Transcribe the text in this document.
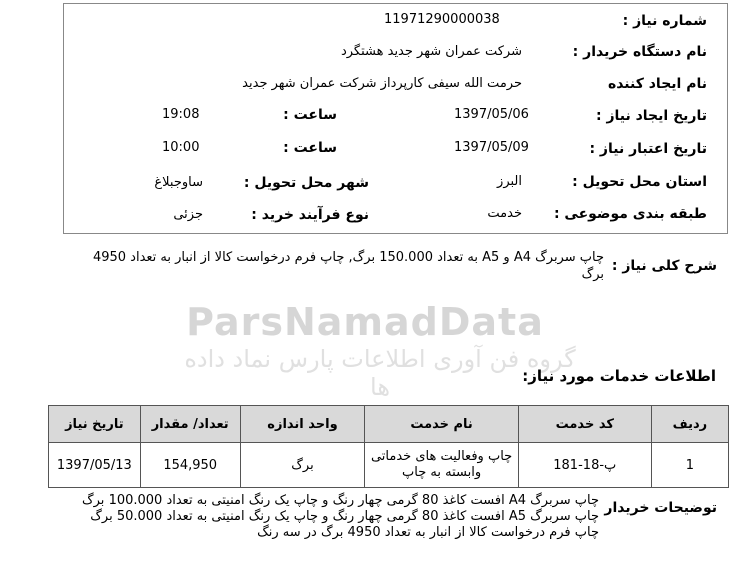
ParsNamadData
گروه فن آوری اطلاعات پارس نماد داده ها
شماره نیاز :
11971290000038
نام دستگاه خریدار :
شرکت عمران شهر جدید هشتگرد
نام ایجاد کننده
حرمت الله سیفی کارپرداز شرکت عمران شهر جدید
تاریخ ایجاد نیاز :
1397/05/06
ساعت :
19:08
تاریخ اعتبار نیاز :
1397/05/09
ساعت :
10:00
استان محل تحویل :
البرز
شهر محل تحویل :
ساوجبلاغ
طبقه بندی موضوعی :
خدمت
نوع فرآیند خرید :
جزئی
شرح کلی نیاز :
چاپ سربرگ A4 و A5 به تعداد 150.000 برگ, چاپ فرم درخواست کالا از انبار به تعداد 4950
برگ
اطلاعات خدمات مورد نیاز:
ردیف	کد خدمت	نام خدمت	واحد اندازه	تعداد/ مقدار	تاریخ نیاز
1	پ-18-181	چاپ وفعالیت های خدماتی
وابسته به چاپ	برگ	154,950	1397/05/13
توضیحات خریدار
چاپ سربرگ A4 افست کاغذ 80 گرمی چهار رنگ و چاپ یک رنگ امنیتی به تعداد 100.000 برگ
چاپ سربرگ A5 افست کاغذ 80 گرمی چهار رنگ و چاپ یک رنگ امنیتی به تعداد 50.000 برگ
چاپ فرم درخواست کالا از انبار به تعداد 4950 برگ در سه رنگ
